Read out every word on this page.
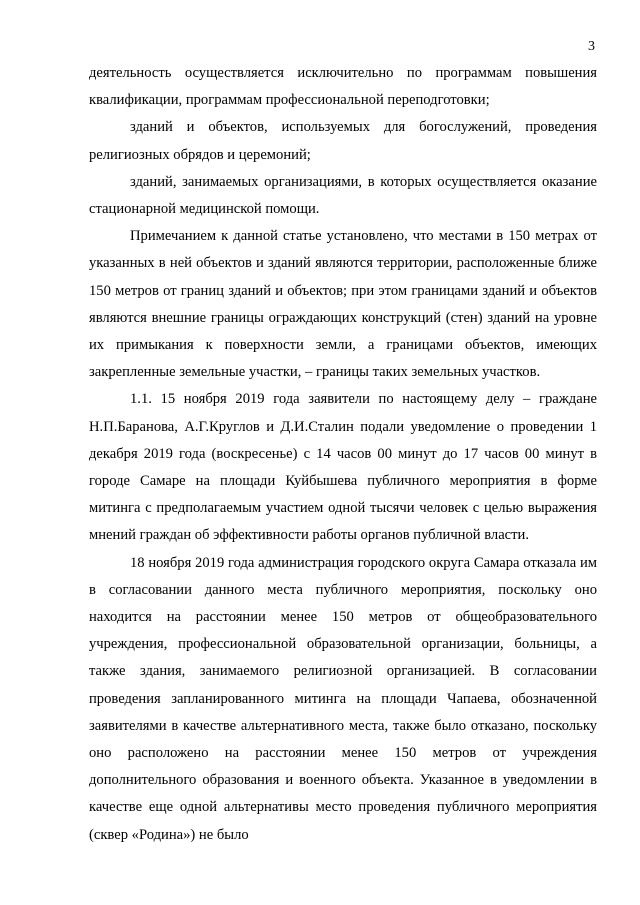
3

деятельность осуществляется исключительно по программам повышения квалификации, программам профессиональной переподготовки;

зданий и объектов, используемых для богослужений, проведения религиозных обрядов и церемоний;

зданий, занимаемых организациями, в которых осуществляется оказание стационарной медицинской помощи.

Примечанием к данной статье установлено, что местами в 150 метрах от указанных в ней объектов и зданий являются территории, расположенные ближе 150 метров от границ зданий и объектов; при этом границами зданий и объектов являются внешние границы ограждающих конструкций (стен) зданий на уровне их примыкания к поверхности земли, а границами объектов, имеющих закрепленные земельные участки, – границы таких земельных участков.

1.1. 15 ноября 2019 года заявители по настоящему делу – граждане Н.П.Баранова, А.Г.Круглов и Д.И.Сталин подали уведомление о проведении 1 декабря 2019 года (воскресенье) с 14 часов 00 минут до 17 часов 00 минут в городе Самаре на площади Куйбышева публичного мероприятия в форме митинга с предполагаемым участием одной тысячи человек с целью выражения мнений граждан об эффективности работы органов публичной власти.

18 ноября 2019 года администрация городского округа Самара отказала им в согласовании данного места публичного мероприятия, поскольку оно находится на расстоянии менее 150 метров от общеобразовательного учреждения, профессиональной образовательной организации, больницы, а также здания, занимаемого религиозной организацией. В согласовании проведения запланированного митинга на площади Чапаева, обозначенной заявителями в качестве альтернативного места, также было отказано, поскольку оно расположено на расстоянии менее 150 метров от учреждения дополнительного образования и военного объекта. Указанное в уведомлении в качестве еще одной альтернативы место проведения публичного мероприятия (сквер «Родина») не было
